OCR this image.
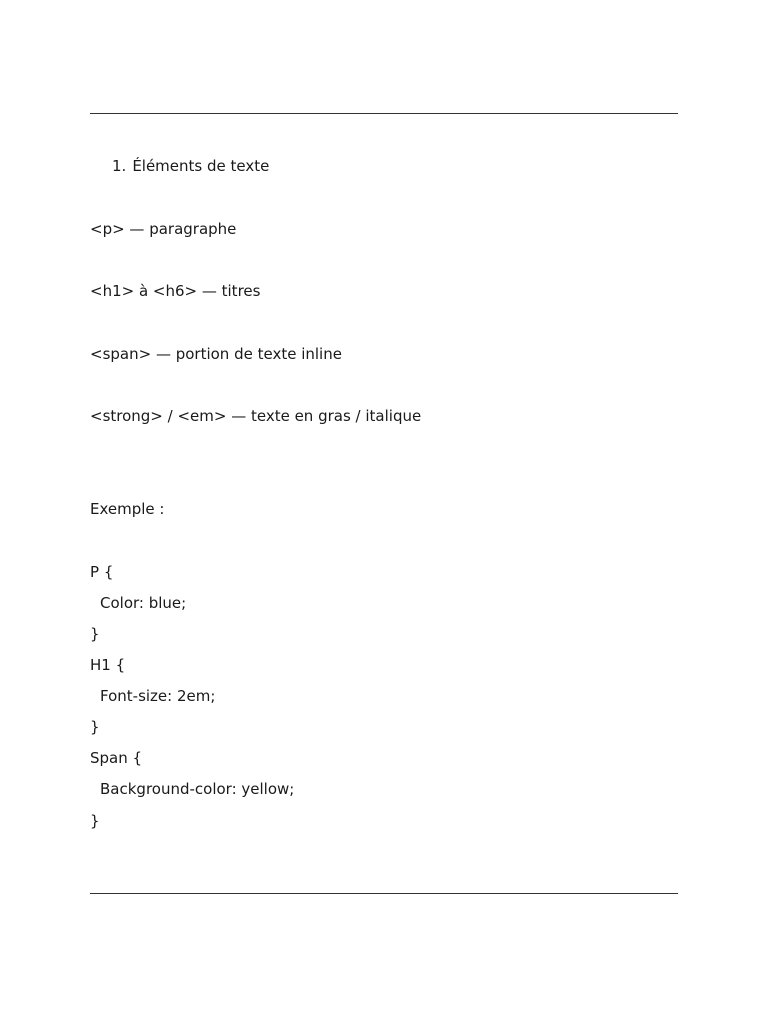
1. Éléments de texte
<p> — paragraphe
<h1> à <h6> — titres
<span> — portion de texte inline
<strong> / <em> — texte en gras / italique
Exemple :
P {
Color: blue;
}
H1 {
Font-size: 2em;
}
Span {
Background-color: yellow;
}
